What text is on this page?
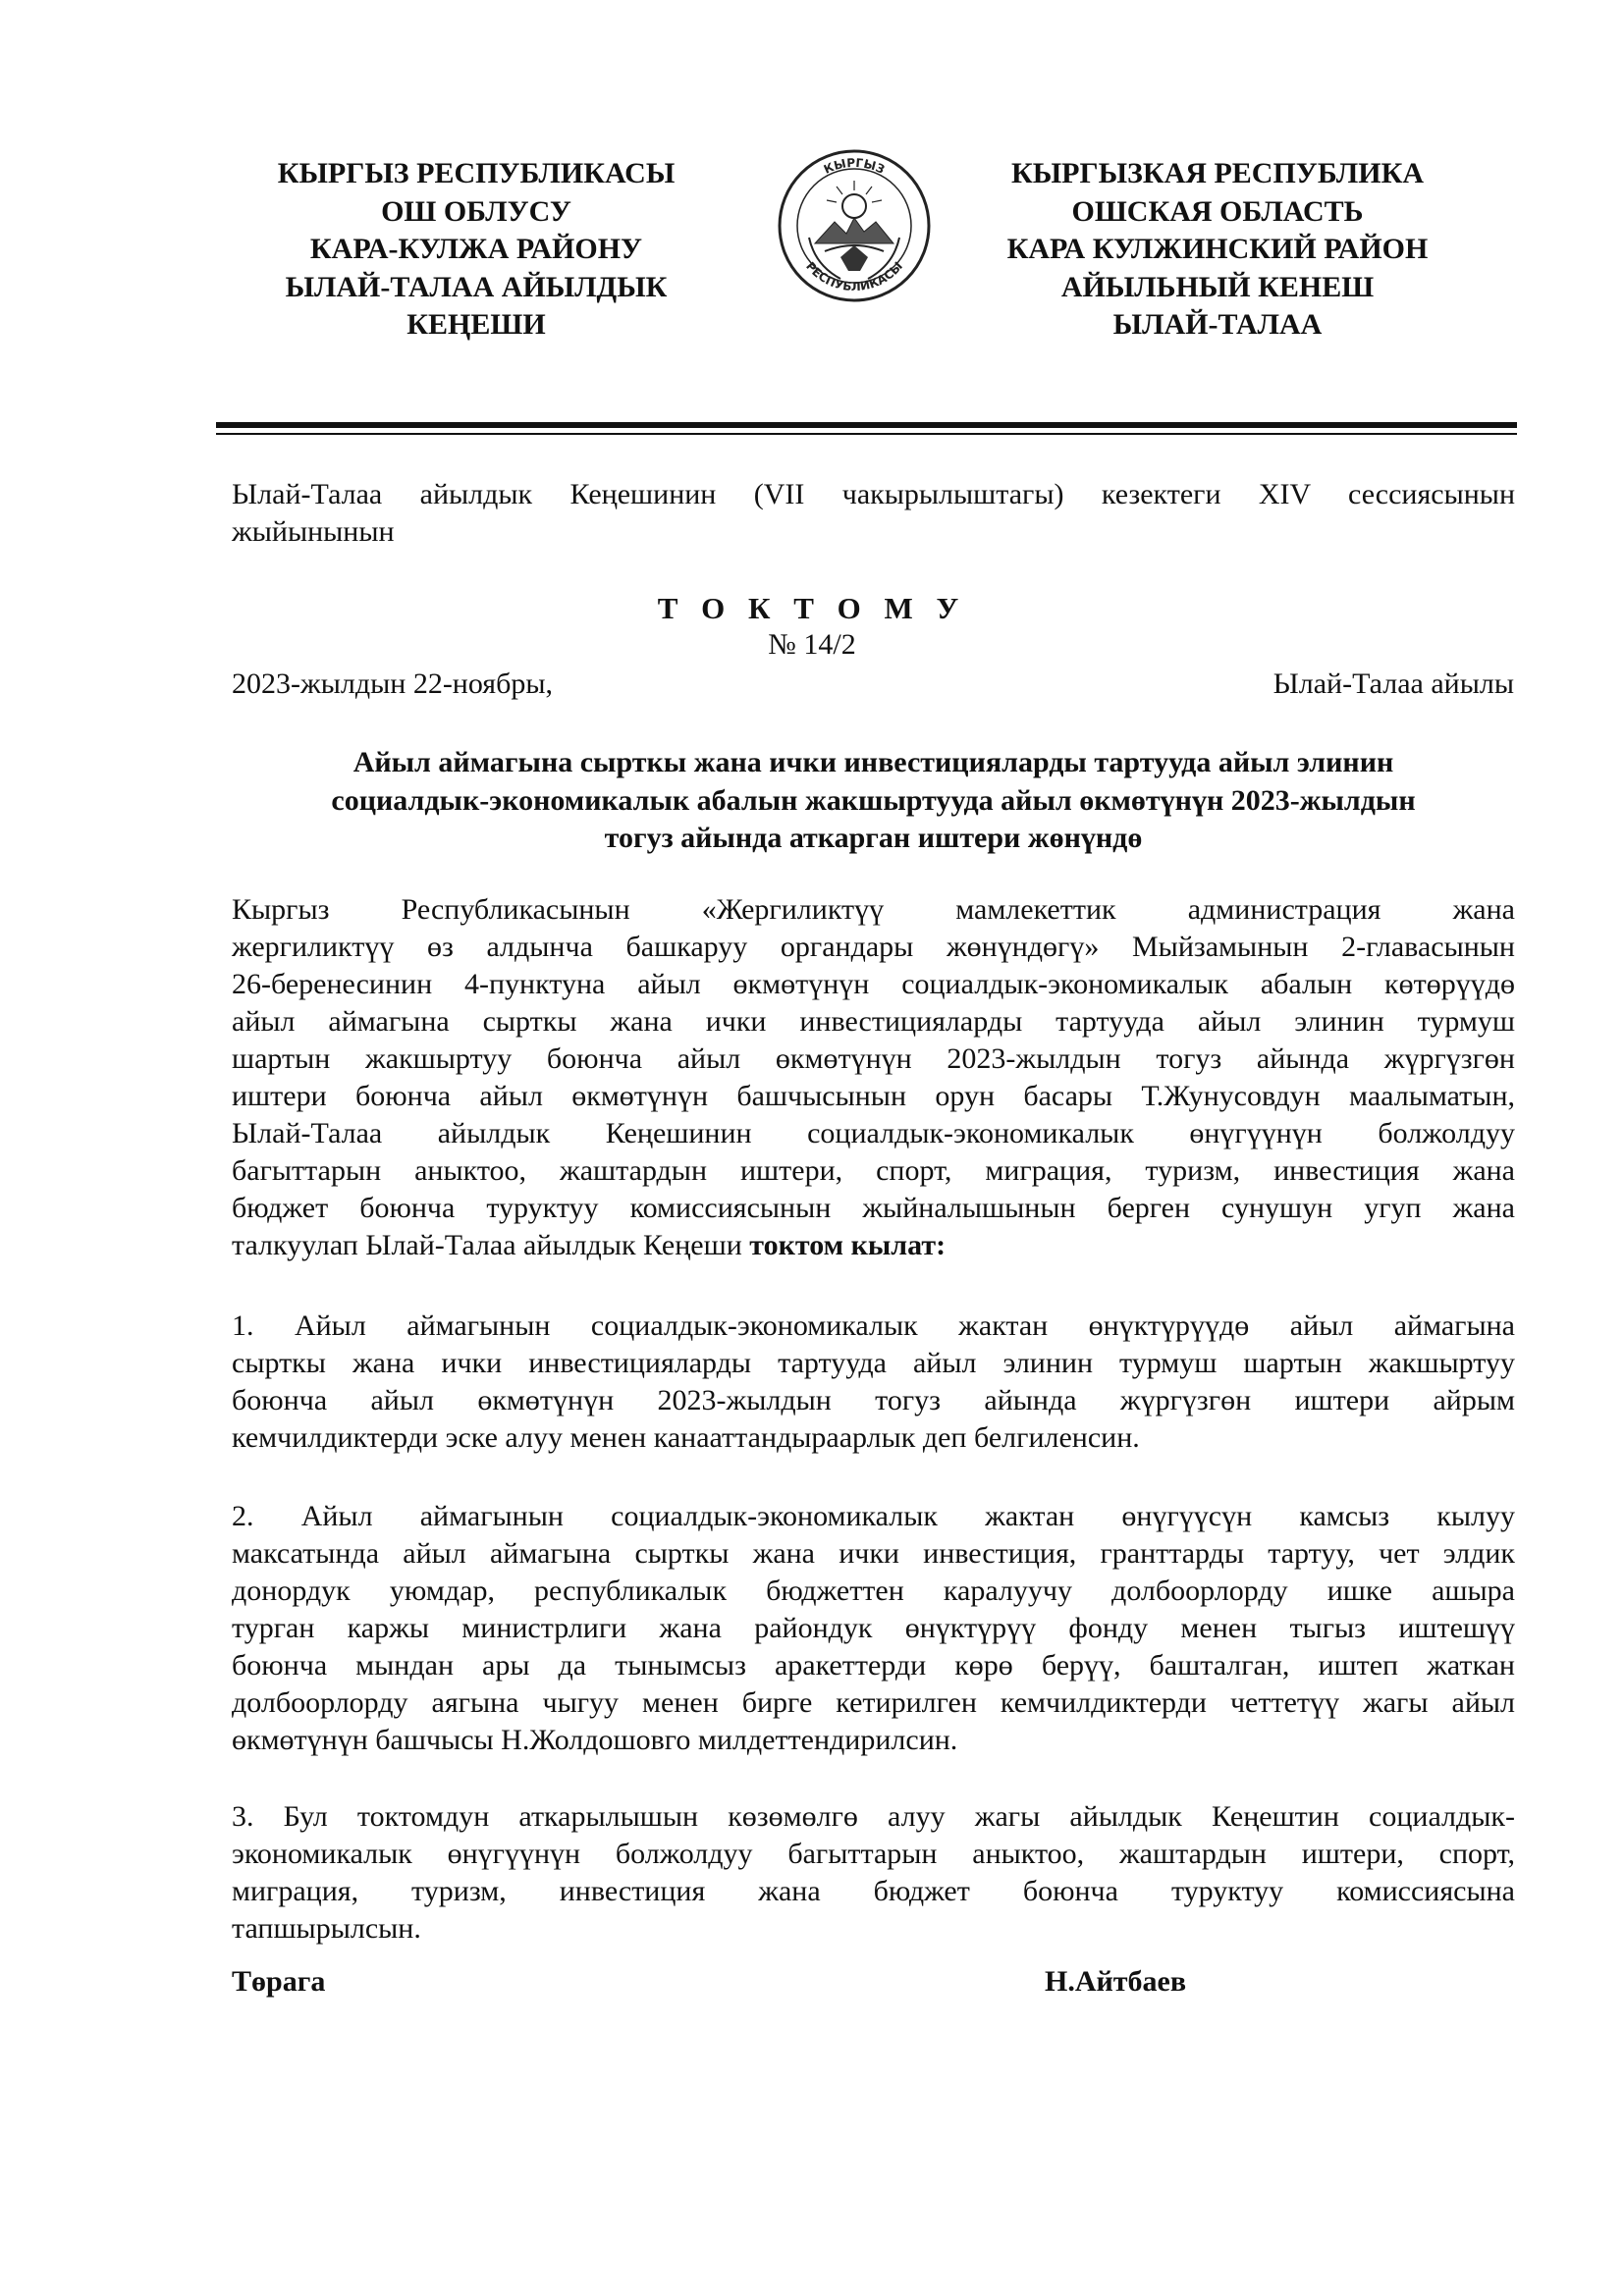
КЫРГЫЗ РЕСПУБЛИКАСЫ
ОШ ОБЛУСУ
КАРА-КУЛЖА РАЙОНУ
ЫЛАЙ-ТАЛАА АЙЫЛДЫК
КЕҢЕШИ
КЫРГЫЗ
РЕСПУБЛИКАСЫ
КЫРГЫЗКАЯ РЕСПУБЛИКА
ОШСКАЯ ОБЛАСТЬ
КАРА КУЛЖИНСКИЙ РАЙОН
АЙЫЛЬНЫЙ КЕНЕШ
ЫЛАЙ-ТАЛАА
Ылай-Талаа айылдык Кеңешинин (VII чакырылыштагы) кезектеги XIV сессиясынын
жыйынынын
Т О К Т О М У
№ 14/2
2023-жылдын 22-ноябры,	Ылай-Талаа айылы
Айыл аймагына сырткы жана ички инвестицияларды тартууда айыл элинин
социалдык-экономикалык абалын жакшыртууда айыл өкмөтүнүн 2023-жылдын
тогуз айында аткарган иштери жөнүндө
Кыргыз Республикасынын «Жергиликтүү мамлекеттик администрация жана
жергиликтүү өз алдынча башкаруу органдары жөнүндөгү» Мыйзамынын 2-главасынын
26-беренесинин 4-пунктуна айыл өкмөтүнүн социалдык-экономикалык абалын көтөрүүдө
айыл аймагына сырткы жана ички инвестицияларды тартууда айыл элинин турмуш
шартын жакшыртуу боюнча айыл өкмөтүнүн 2023-жылдын тогуз айында жүргүзгөн
иштери боюнча айыл өкмөтүнүн башчысынын орун басары Т.Жунусовдун маалыматын,
Ылай-Талаа айылдык Кеңешинин социалдык-экономикалык өнүгүүнүн болжолдуу
багыттарын аныктоо, жаштардын иштери, спорт, миграция, туризм, инвестиция жана
бюджет боюнча туруктуу комиссиясынын жыйналышынын берген сунушун угуп жана
талкуулап Ылай-Талаа айылдык Кеңеши токтом кылат:
1. Айыл аймагынын социалдык-экономикалык жактан өнүктүрүүдө айыл аймагына
сырткы жана ички инвестицияларды тартууда айыл элинин турмуш шартын жакшыртуу
боюнча айыл өкмөтүнүн 2023-жылдын тогуз айында жүргүзгөн иштери айрым
кемчилдиктерди эске алуу менен канааттандыраарлык деп белгиленсин.
2. Айыл аймагынын социалдык-экономикалык жактан өнүгүүсүн камсыз кылуу
максатында айыл аймагына сырткы жана ички инвестиция, гранттарды тартуу, чет элдик
донордук уюмдар, республикалык бюджеттен каралуучу долбоорлорду ишке ашыра
турган каржы министрлиги жана райондук өнүктүрүү фонду менен тыгыз иштешүү
боюнча мындан ары да тынымсыз аракеттерди көрө берүү, башталган, иштеп жаткан
долбоорлорду аягына чыгуу менен бирге кетирилген кемчилдиктерди четтетүү жагы айыл
өкмөтүнүн башчысы Н.Жолдошовго милдеттендирилсин.
3. Бул токтомдун аткарылышын көзөмөлгө алуу жагы айылдык Кеңештин социалдык-
экономикалык өнүгүүнүн болжолдуу багыттарын аныктоо, жаштардын иштери, спорт,
миграция, туризм, инвестиция жана бюджет боюнча туруктуу комиссиясына
тапшырылсын.
Төрага	Н.Айтбаев
